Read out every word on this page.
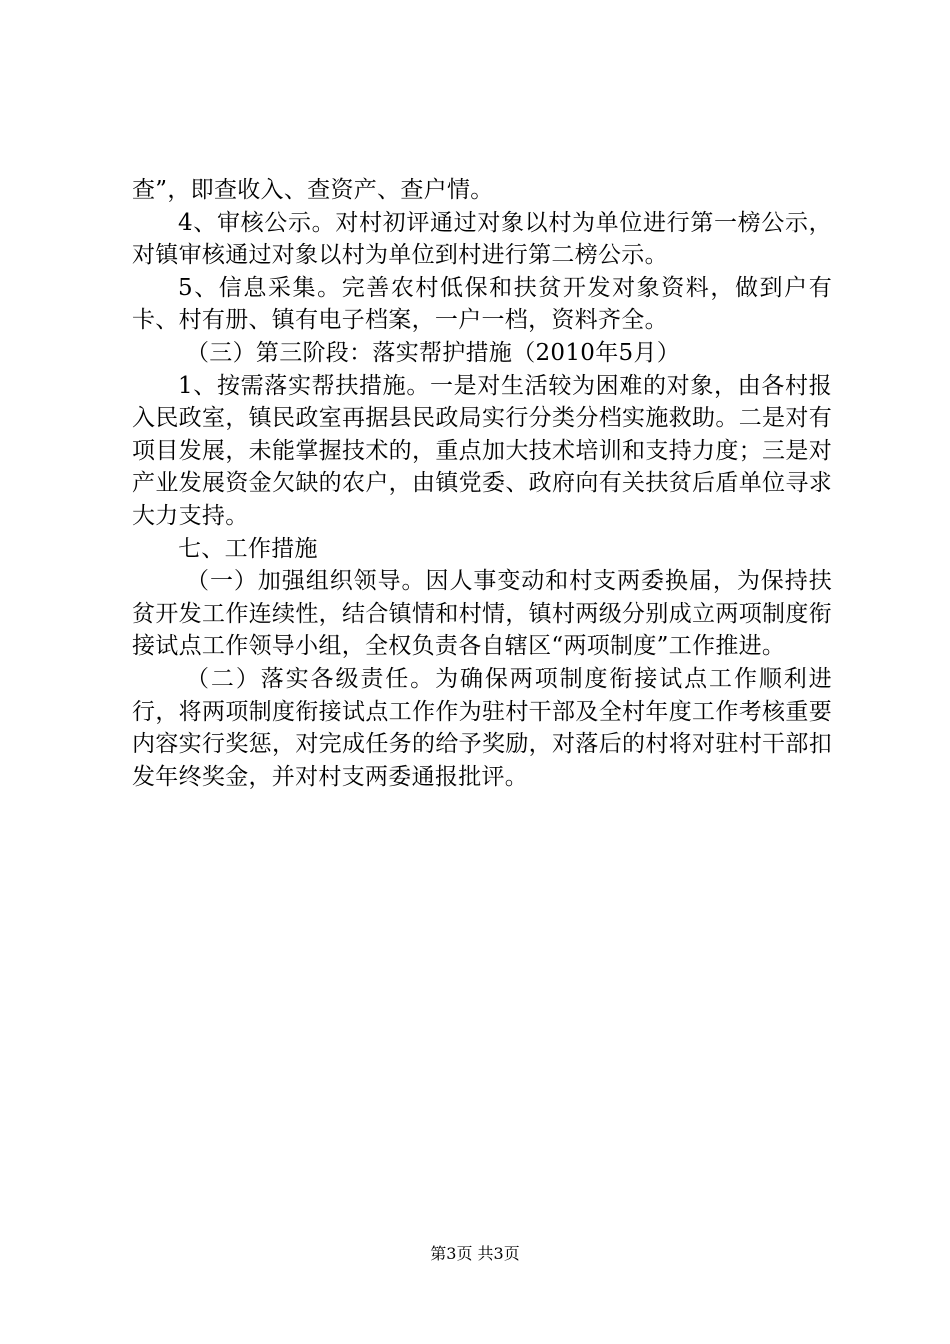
查”，即查收入、查资产、查户情。

4、审核公示。对村初评通过对象以村为单位进行第一榜公示，对镇审核通过对象以村为单位到村进行第二榜公示。

5、信息采集。完善农村低保和扶贫开发对象资料，做到户有卡、村有册、镇有电子档案，一户一档，资料齐全。

（三）第三阶段：落实帮护措施（2010年5月）

1、按需落实帮扶措施。一是对生活较为困难的对象，由各村报入民政室，镇民政室再据县民政局实行分类分档实施救助。二是对有项目发展，未能掌握技术的，重点加大技术培训和支持力度；三是对产业发展资金欠缺的农户，由镇党委、政府向有关扶贫后盾单位寻求大力支持。

七、工作措施

（一）加强组织领导。因人事变动和村支两委换届，为保持扶贫开发工作连续性，结合镇情和村情，镇村两级分别成立两项制度衔接试点工作领导小组，全权负责各自辖区“两项制度”工作推进。

（二）落实各级责任。为确保两项制度衔接试点工作顺利进行，将两项制度衔接试点工作作为驻村干部及全村年度工作考核重要内容实行奖惩，对完成任务的给予奖励，对落后的村将对驻村干部扣发年终奖金，并对村支两委通报批评。

第3页 共3页
